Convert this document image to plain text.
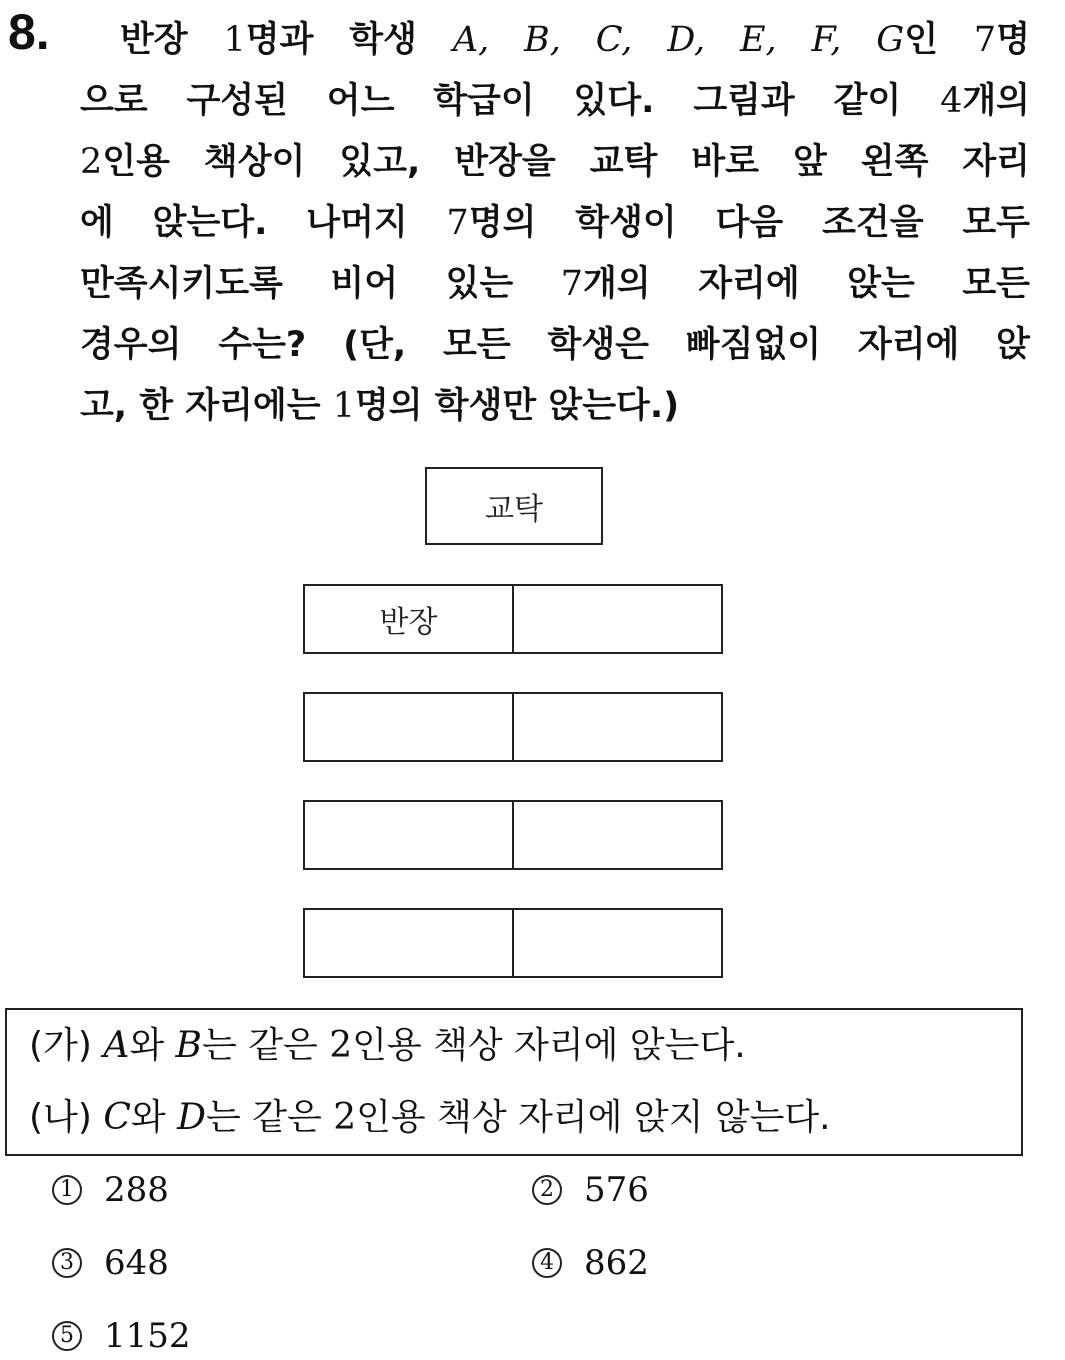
8.	반장 1명과 학생 A, B, C, D, E, F, G인 7명
으로 구성된 어느 학급이 있다. 그림과 같이 4개의
2인용 책상이 있고, 반장을 교탁 바로 앞 왼쪽 자리
에 앉는다. 나머지 7명의 학생이 다음 조건을 모두
만족시키도록 비어 있는 7개의 자리에 앉는 모든
경우의 수는? (단, 모든 학생은 빠짐없이 자리에 앉
고, 한 자리에는 1명의 학생만 앉는다.)
교탁
반장
(가) A와 B는 같은 2인용 책상 자리에 앉는다.
(나) C와 D는 같은 2인용 책상 자리에 앉지 않는다.
1 288	2 576
3 648	4 862
5 1152
